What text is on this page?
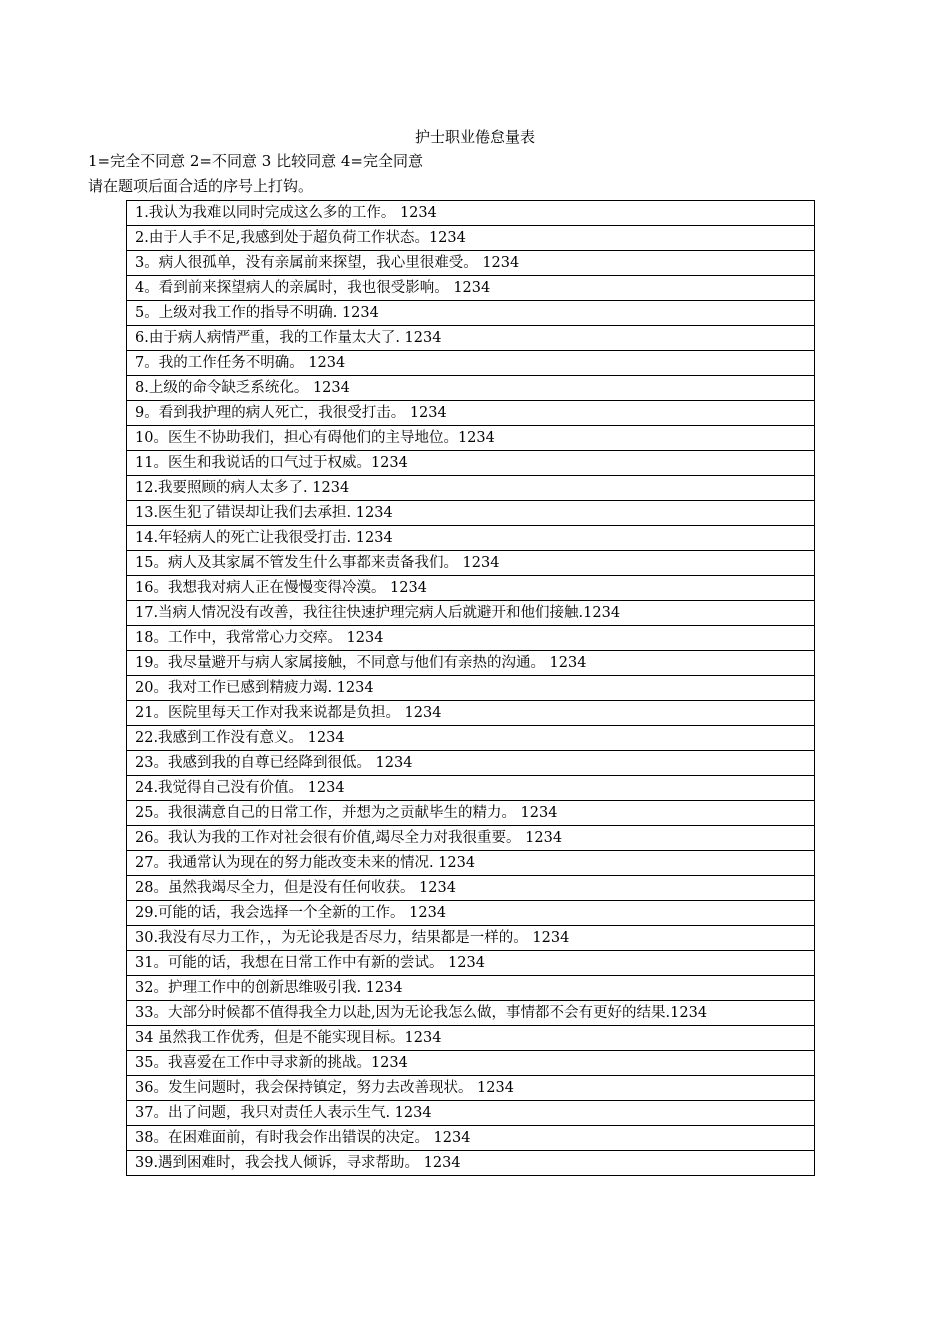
护士职业倦怠量表
1=完全不同意 2=不同意 3 比较同意 4=完全同意
请在题项后面合适的序号上打钩。
1.我认为我难以同时完成这么多的工作。 1234
2.由于人手不足,我感到处于超负荷工作状态。1234
3。病人很孤单，没有亲属前来探望，我心里很难受。 1234
4。看到前来探望病人的亲属时，我也很受影响。 1234
5。上级对我工作的指导不明确. 1234
6.由于病人病情严重，我的工作量太大了. 1234
7。我的工作任务不明确。 1234
8.上级的命令缺乏系统化。 1234
9。看到我护理的病人死亡，我很受打击。 1234
10。医生不协助我们，担心有碍他们的主导地位。1234
11。医生和我说话的口气过于权威。1234
12.我要照顾的病人太多了. 1234
13.医生犯了错误却让我们去承担. 1234
14.年轻病人的死亡让我很受打击. 1234
15。病人及其家属不管发生什么事都来责备我们。 1234
16。我想我对病人正在慢慢变得冷漠。 1234
17.当病人情况没有改善，我往往快速护理完病人后就避开和他们接触.1234
18。工作中，我常常心力交瘁。 1234
19。我尽量避开与病人家属接触，不同意与他们有亲热的沟通。 1234
20。我对工作已感到精疲力竭. 1234
21。医院里每天工作对我来说都是负担。 1234
22.我感到工作没有意义。 1234
23。我感到我的自尊已经降到很低。 1234
24.我觉得自己没有价值。 1234
25。我很满意自己的日常工作，并想为之贡献毕生的精力。 1234
26。我认为我的工作对社会很有价值,竭尽全力对我很重要。 1234
27。我通常认为现在的努力能改变未来的情况. 1234
28。虽然我竭尽全力，但是没有任何收获。 1234
29.可能的话，我会选择一个全新的工作。 1234
30.我没有尽力工作，，为无论我是否尽力，结果都是一样的。 1234
31。可能的话，我想在日常工作中有新的尝试。 1234
32。护理工作中的创新思维吸引我. 1234
33。大部分时候都不值得我全力以赴,因为无论我怎么做，事情都不会有更好的结果.1234
34 虽然我工作优秀，但是不能实现目标。1234
35。我喜爱在工作中寻求新的挑战。1234
36。发生问题时，我会保持镇定，努力去改善现状。 1234
37。出了问题，我只对责任人表示生气. 1234
38。在困难面前，有时我会作出错误的决定。 1234
39.遇到困难时，我会找人倾诉，寻求帮助。 1234
